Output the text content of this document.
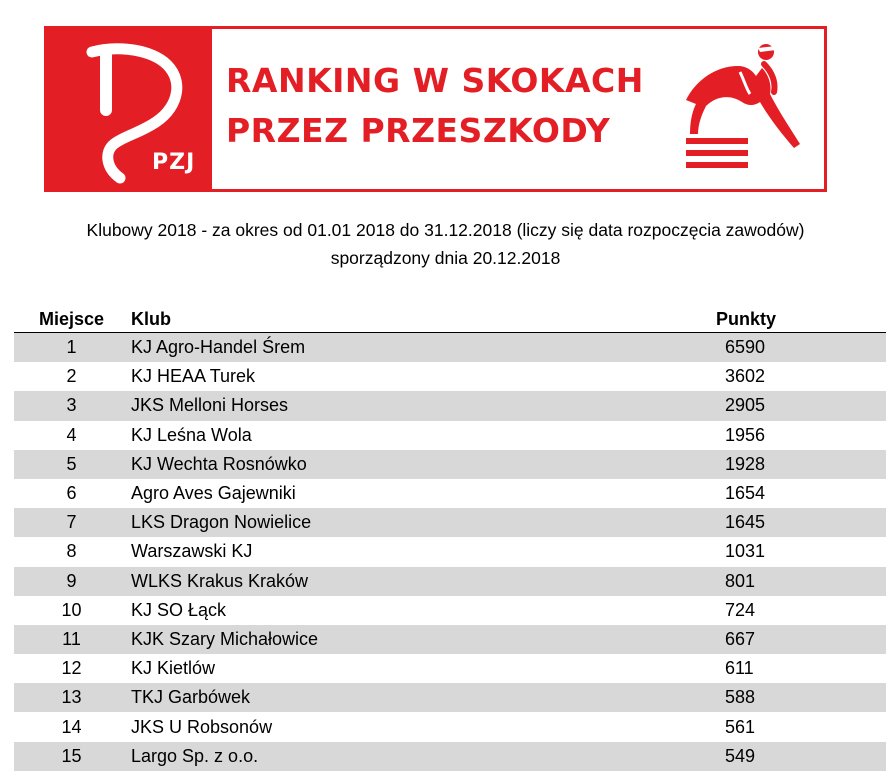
PZJ
RANKING W SKOKACH
PRZEZ PRZESZKODY
Klubowy 2018 - za okres od 01.01 2018 do 31.12.2018 (liczy się data rozpoczęcia zawodów)
sporządzony dnia 20.12.2018
Miejsce	Klub	Punkty
1	KJ Agro-Handel Śrem	6590
2	KJ HEAA Turek	3602
3	JKS Melloni Horses	2905
4	KJ Leśna Wola	1956
5	KJ Wechta Rosnówko	1928
6	Agro Aves Gajewniki	1654
7	LKS Dragon Nowielice	1645
8	Warszawski KJ	1031
9	WLKS Krakus Kraków	801
10	KJ SO Łąck	724
11	KJK Szary Michałowice	667
12	KJ Kietlów	611
13	TKJ Garbówek	588
14	JKS U Robsonów	561
15	Largo Sp. z o.o.	549
